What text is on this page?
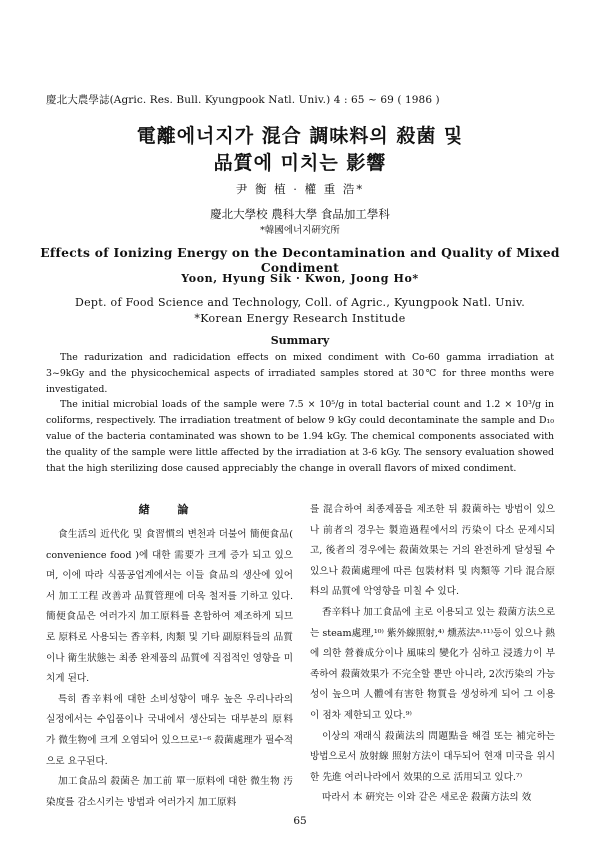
慶北大農學誌(Agric. Res. Bull. Kyungpook Natl. Univ.) 4 : 65 ~ 69 ( 1986 )
電離에너지가 混合 調味料의 殺菌 및
品質에 미치는 影響
尹 衡 植 · 權 重 浩*
慶北大學校 農科大學 食品加工學科
*韓國에너지硏究所
Effects of Ionizing Energy on the Decontamination and Quality of Mixed Condiment
Yoon, Hyung Sik · Kwon, Joong Ho*
Dept. of Food Science and Technology, Coll. of Agric., Kyungpook Natl. Univ.
*Korean Energy Research Institude
Summary

The radurization and radicidation effects on mixed condiment with Co-60 gamma irradiation at 3~9kGy and the physicochemical aspects of irradiated samples stored at 30℃ for three months were investigated.

The initial microbial loads of the sample were 7.5 × 10⁵/g in total bacterial count and 1.2 × 10³/g in coliforms, respectively. The irradiation treatment of below 9 kGy could decontaminate the sample and D₁₀ value of the bacteria contaminated was shown to be 1.94 kGy. The chemical components associated with the quality of the sample were little affected by the irradiation at 3-6 kGy. The sensory evaluation showed that the high sterilizing dose caused appreciably the change in overall flavors of mixed condiment.

緖 論

食生活의 近代化 및 食習慣의 변천과 더불어 簡便食品( convenience food )에 대한 需要가 크게 증가 되고 있으며, 이에 따라 식품공업계에서는 이들 食品의 생산에 있어서 加工工程 改善과 品質管理에 더욱 철저를 기하고 있다. 簡便食品은 여러가지 加工原料를 혼합하여 제조하게 되므로 原料로 사용되는 香辛料, 肉類 및 기타 副原料들의 品質이나 衛生狀態는 최종 완제품의 品質에 직접적인 영향을 미치게 된다.

특히 香辛料에 대한 소비성향이 매우 높은 우리나라의 실정에서는 수입품이나 국내에서 생산되는 대부분의 原料가 微生物에 크게 오염되어 있으므로¹⁻⁶ 殺菌處理가 필수적으로 요구된다.

加工食品의 殺菌은 加工前 單一原料에 대한 微生物 汚染度를 감소시키는 방법과 여러가지 加工原料

를 混合하여 최종제품을 제조한 뒤 殺菌하는 방법이 있으나 前者의 경우는 製造過程에서의 汚染이 다소 문제시되고, 後者의 경우에는 殺菌效果는 거의 완전하게 달성될 수 있으나 殺菌處理에 따른 包裝材料 및 肉類等 기타 混合原料의 品質에 악영향을 미칠 수 있다.

香辛料나 加工食品에 主로 이용되고 있는 殺菌方法으로는 steam處理,¹⁰⁾ 紫外線照射,⁴⁾ 燻蒸法⁸·¹¹⁾등이 있으나 熱에 의한 營養成分이나 風味의 變化가 심하고 浸透力이 부족하여 殺菌效果가 不完全할 뿐만 아니라, 2次汚染의 가능성이 높으며 人體에有害한 物質을 생성하게 되어 그 이용이 점차 제한되고 있다.⁹⁾

이상의 재래식 殺菌法의 問題點을 해결 또는 補完하는 방법으로서 放射線 照射方法이 대두되어 현재 미국을 위시한 先進 여러나라에서 效果的으로 活用되고 있다.⁷⁾

따라서 本 硏究는 이와 같은 새로운 殺菌方法의 效

65
